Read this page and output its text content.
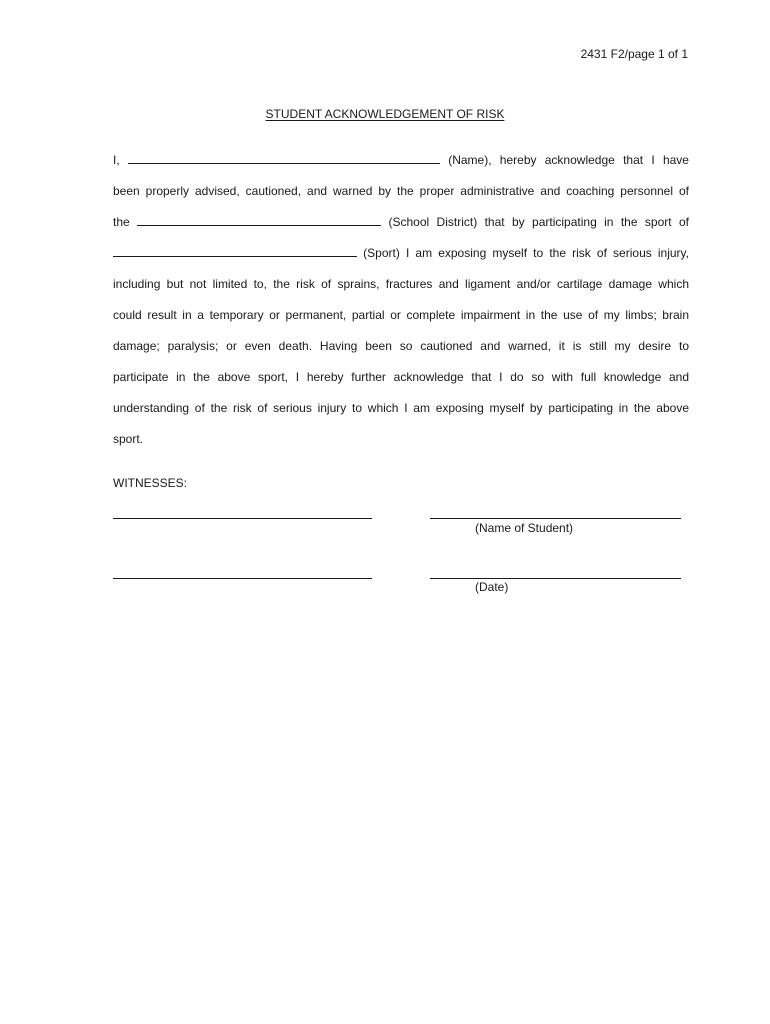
2431 F2/page 1 of 1
STUDENT ACKNOWLEDGEMENT OF RISK
I,	(Name), hereby acknowledge that I have
been properly advised, cautioned, and warned by the proper administrative and coaching personnel of
the	(School District) that by participating in the sport of
(Sport) I am exposing myself to the risk of serious injury,
including but not limited to, the risk of sprains, fractures and ligament and/or cartilage damage which
could result in a temporary or permanent, partial or complete impairment in the use of my limbs; brain
damage; paralysis; or even death. Having been so cautioned and warned, it is still my desire to
participate in the above sport, I hereby further acknowledge that I do so with full knowledge and
understanding of the risk of serious injury to which I am exposing myself by participating in the above
sport.
WITNESSES:
(Name of Student)
(Date)
